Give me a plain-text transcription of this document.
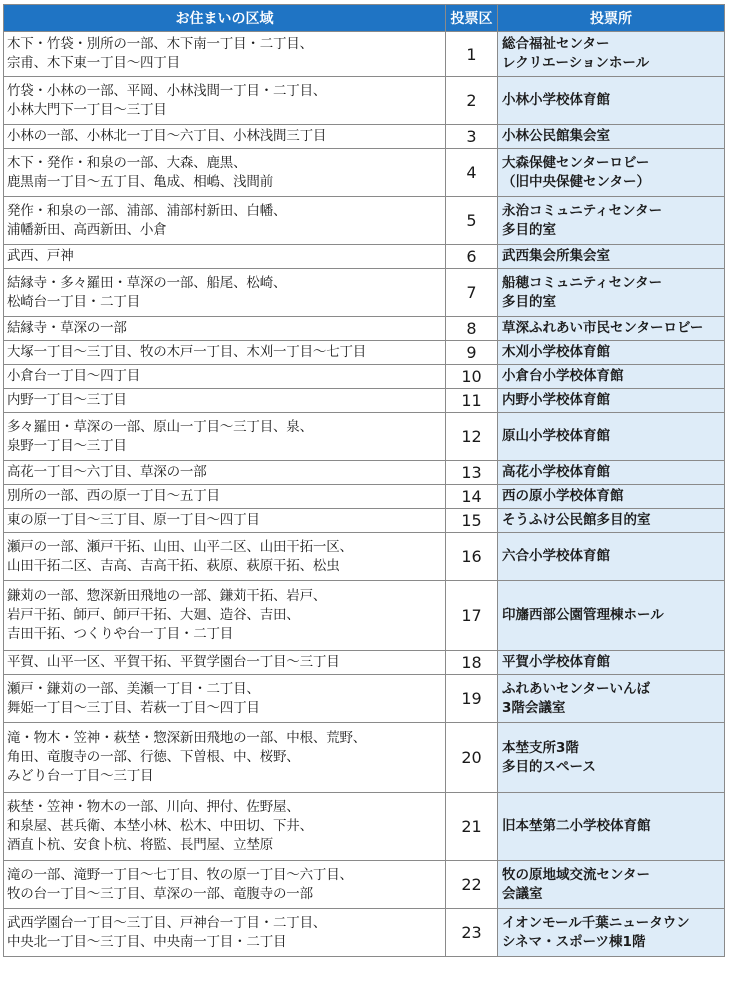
お住まいの区域	投票区	投票所

木下・竹袋・別所の一部、木下南一丁目・二丁目、
宗甫、木下東一丁目〜四丁目	1	総合福祉センター
レクリエーションホール

竹袋・小林の一部、平岡、小林浅間一丁目・二丁目、
小林大門下一丁目〜三丁目	2	小林小学校体育館

小林の一部、小林北一丁目〜六丁目、小林浅間三丁目	3	小林公民館集会室

木下・発作・和泉の一部、大森、鹿黒、
鹿黒南一丁目〜五丁目、亀成、相嶋、浅間前	4	大森保健センターロビー
（旧中央保健センター）

発作・和泉の一部、浦部、浦部村新田、白幡、
浦幡新田、高西新田、小倉	5	永治コミュニティセンター
多目的室

武西、戸神	6	武西集会所集会室

結縁寺・多々羅田・草深の一部、船尾、松崎、
松崎台一丁目・二丁目	7	船穂コミュニティセンター
多目的室

結縁寺・草深の一部	8	草深ふれあい市民センターロビー

大塚一丁目〜三丁目、牧の木戸一丁目、木刈一丁目〜七丁目	9	木刈小学校体育館

小倉台一丁目〜四丁目	10	小倉台小学校体育館

内野一丁目〜三丁目	11	内野小学校体育館

多々羅田・草深の一部、原山一丁目〜三丁目、泉、
泉野一丁目〜三丁目	12	原山小学校体育館

高花一丁目〜六丁目、草深の一部	13	高花小学校体育館

別所の一部、西の原一丁目〜五丁目	14	西の原小学校体育館

東の原一丁目〜三丁目、原一丁目〜四丁目	15	そうふけ公民館多目的室

瀬戸の一部、瀬戸干拓、山田、山平二区、山田干拓一区、
山田干拓二区、吉高、吉高干拓、萩原、萩原干拓、松虫	16	六合小学校体育館

鎌苅の一部、惣深新田飛地の一部、鎌苅干拓、岩戸、
岩戸干拓、師戸、師戸干拓、大廻、造谷、吉田、
吉田干拓、つくりや台一丁目・二丁目	17	印旛西部公園管理棟ホール

平賀、山平一区、平賀干拓、平賀学園台一丁目〜三丁目	18	平賀小学校体育館

瀬戸・鎌苅の一部、美瀬一丁目・二丁目、
舞姫一丁目〜三丁目、若萩一丁目〜四丁目	19	ふれあいセンターいんば
3階会議室

滝・物木・笠神・萩埜・惣深新田飛地の一部、中根、荒野、
角田、竜腹寺の一部、行徳、下曽根、中、桜野、
みどり台一丁目〜三丁目	20	本埜支所3階
多目的スペース

萩埜・笠神・物木の一部、川向、押付、佐野屋、
和泉屋、甚兵衛、本埜小林、松木、中田切、下井、
酒直卜杭、安食卜杭、将監、長門屋、立埜原	21	旧本埜第二小学校体育館

滝の一部、滝野一丁目〜七丁目、牧の原一丁目〜六丁目、
牧の台一丁目〜三丁目、草深の一部、竜腹寺の一部	22	牧の原地域交流センター
会議室

武西学園台一丁目〜三丁目、戸神台一丁目・二丁目、
中央北一丁目〜三丁目、中央南一丁目・二丁目	23	イオンモール千葉ニュータウン
シネマ・スポーツ棟1階
